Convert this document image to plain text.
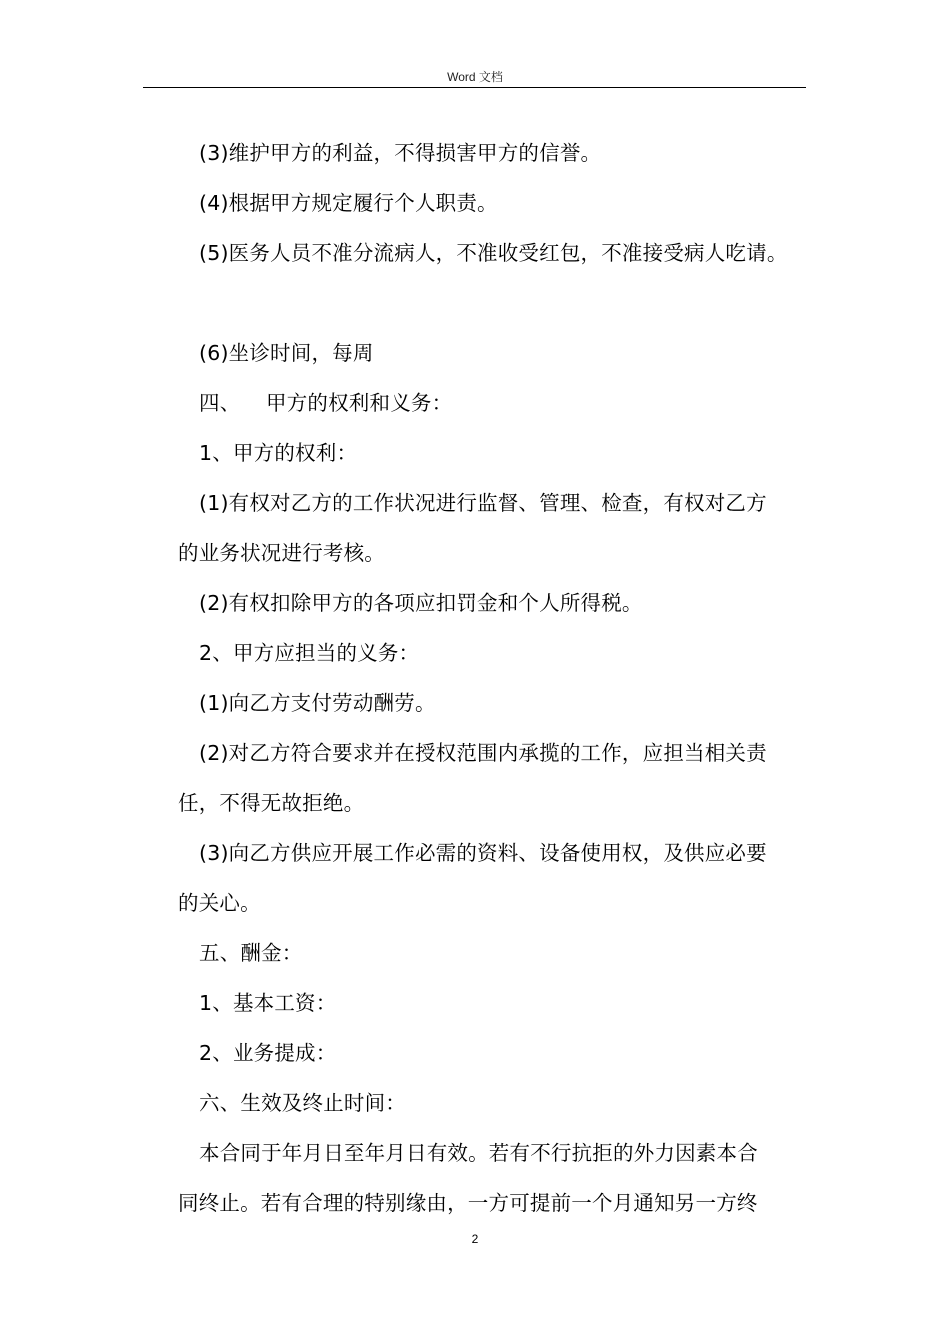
Word 文档
(3)维护甲方的利益，不得损害甲方的信誉。
(4)根据甲方规定履行个人职责。
(5)医务人员不准分流病人，不准收受红包，不准接受病人吃请。
(6)坐诊时间，每周
四、 甲方的权利和义务：
1、甲方的权利：
(1)有权对乙方的工作状况进行监督、管理、检查，有权对乙方
的业务状况进行考核。
(2)有权扣除甲方的各项应扣罚金和个人所得税。
2、甲方应担当的义务：
(1)向乙方支付劳动酬劳。
(2)对乙方符合要求并在授权范围内承揽的工作，应担当相关责
任，不得无故拒绝。
(3)向乙方供应开展工作必需的资料、设备使用权，及供应必要
的关心。
五、酬金：
1、基本工资：
2、业务提成：
六、生效及终止时间：
本合同于年月日至年月日有效。若有不行抗拒的外力因素本合
同终止。若有合理的特别缘由，一方可提前一个月通知另一方终
2
